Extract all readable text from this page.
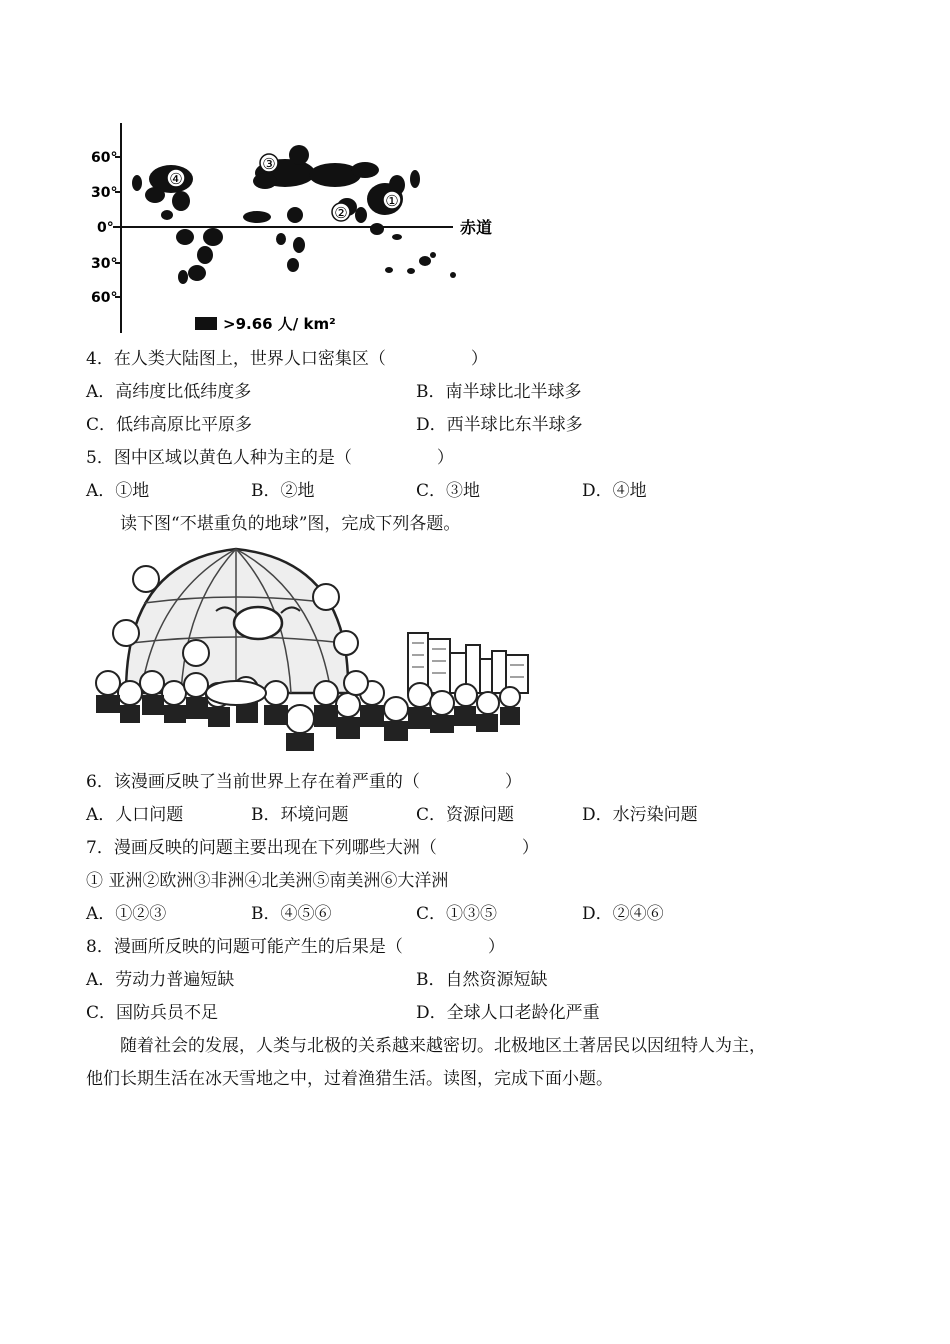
60°
30°
0°
30°
60°
赤道
①
②
③
④
>9.66 人/ km²
4．在人类大陆图上，世界人口密集区（　　　　　）
A．高纬度比低纬度多	B．南半球比北半球多
C．低纬高原比平原多	D．西半球比东半球多
5．图中区域以黄色人种为主的是（　　　　　）
A．①地	B．②地	C．③地	D．④地
读下图“不堪重负的地球”图，完成下列各题。
6．该漫画反映了当前世界上存在着严重的（　　　　　）
A．人口问题	B．环境问题	C．资源问题	D．水污染问题
7．漫画反映的问题主要出现在下列哪些大洲（　　　　　）
① 亚洲②欧洲③非洲④北美洲⑤南美洲⑥大洋洲
A．①②③	B．④⑤⑥	C．①③⑤	D．②④⑥
8．漫画所反映的问题可能产生的后果是（　　　　　）
A．劳动力普遍短缺	B．自然资源短缺
C．国防兵员不足	D．全球人口老龄化严重
随着社会的发展，人类与北极的关系越来越密切。北极地区土著居民以因纽特人为主，
他们长期生活在冰天雪地之中，过着渔猎生活。读图，完成下面小题。
